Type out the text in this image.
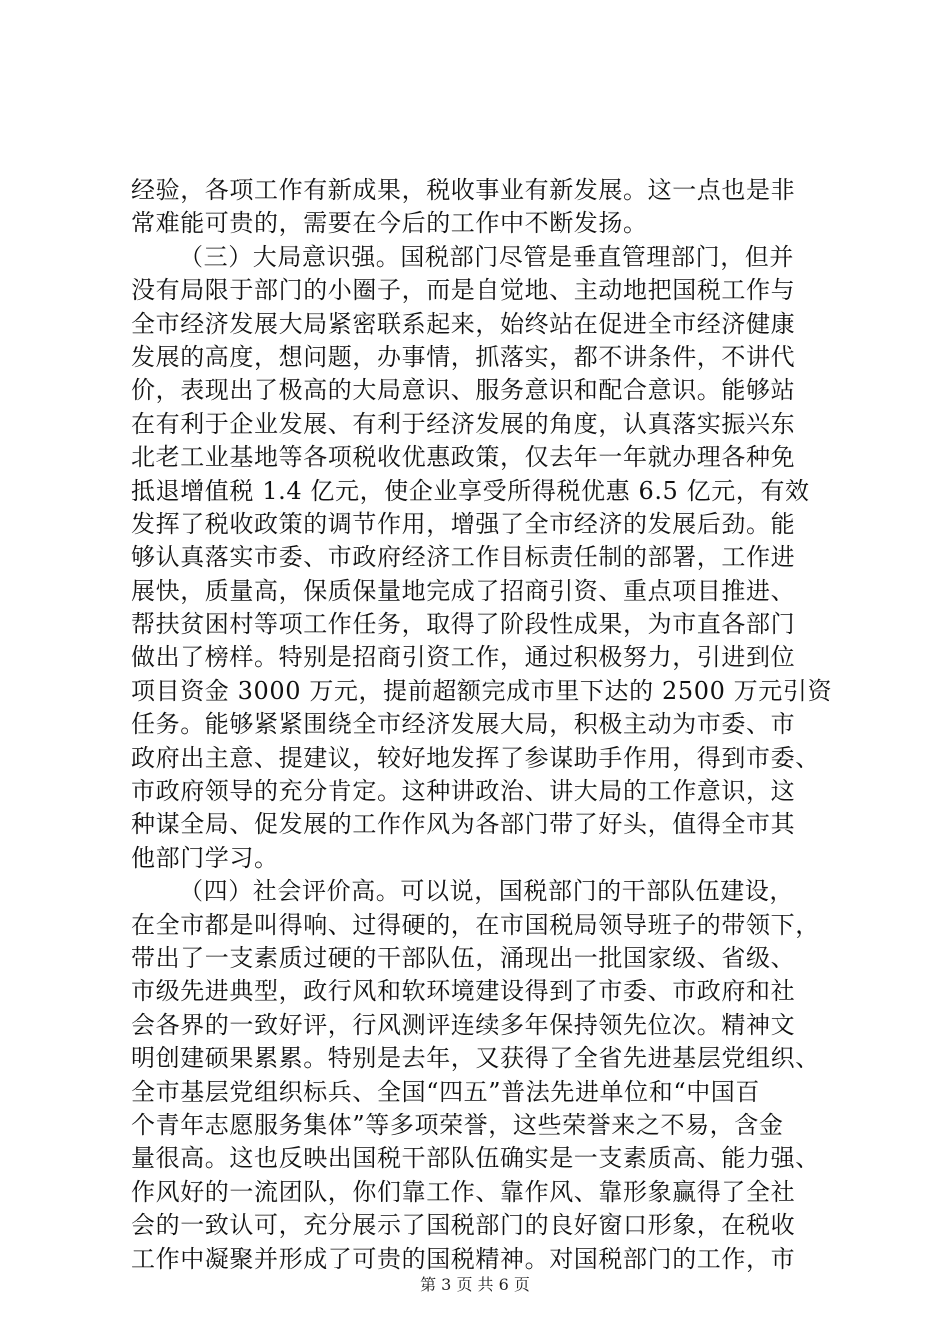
经验，各项工作有新成果，税收事业有新发展。这一点也是非
常难能可贵的，需要在今后的工作中不断发扬。
（三）大局意识强。国税部门尽管是垂直管理部门，但并
没有局限于部门的小圈子，而是自觉地、主动地把国税工作与
全市经济发展大局紧密联系起来，始终站在促进全市经济健康
发展的高度，想问题，办事情，抓落实，都不讲条件，不讲代
价，表现出了极高的大局意识、服务意识和配合意识。能够站
在有利于企业发展、有利于经济发展的角度，认真落实振兴东
北老工业基地等各项税收优惠政策，仅去年一年就办理各种免
抵退增值税 1.4 亿元，使企业享受所得税优惠 6.5 亿元，有效
发挥了税收政策的调节作用，增强了全市经济的发展后劲。能
够认真落实市委、市政府经济工作目标责任制的部署，工作进
展快，质量高，保质保量地完成了招商引资、重点项目推进、
帮扶贫困村等项工作任务，取得了阶段性成果，为市直各部门
做出了榜样。特别是招商引资工作，通过积极努力，引进到位
项目资金 3000 万元，提前超额完成市里下达的 2500 万元引资
任务。能够紧紧围绕全市经济发展大局，积极主动为市委、市
政府出主意、提建议，较好地发挥了参谋助手作用，得到市委、
市政府领导的充分肯定。这种讲政治、讲大局的工作意识，这
种谋全局、促发展的工作作风为各部门带了好头，值得全市其
他部门学习。
（四）社会评价高。可以说，国税部门的干部队伍建设，
在全市都是叫得响、过得硬的，在市国税局领导班子的带领下，
带出了一支素质过硬的干部队伍，涌现出一批国家级、省级、
市级先进典型，政行风和软环境建设得到了市委、市政府和社
会各界的一致好评，行风测评连续多年保持领先位次。精神文
明创建硕果累累。特别是去年，又获得了全省先进基层党组织、
全市基层党组织标兵、全国“四五”普法先进单位和“中国百
个青年志愿服务集体”等多项荣誉，这些荣誉来之不易，含金
量很高。这也反映出国税干部队伍确实是一支素质高、能力强、
作风好的一流团队，你们靠工作、靠作风、靠形象赢得了全社
会的一致认可，充分展示了国税部门的良好窗口形象，在税收
工作中凝聚并形成了可贵的国税精神。对国税部门的工作，市
第 3 页 共 6 页
